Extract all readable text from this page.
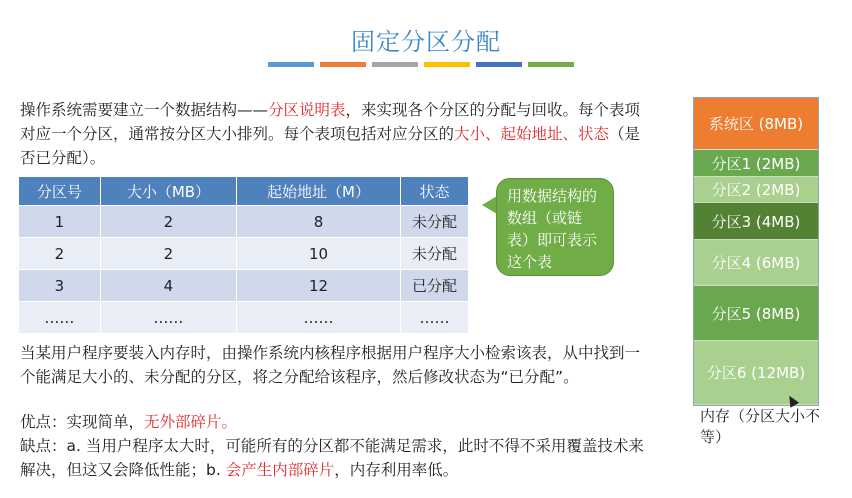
固定分区分配
操作系统需要建立一个数据结构——分区说明表，来实现各个分区的分配与回收。每个表项对应一个分区，通常按分区大小排列。每个表项包括对应分区的大小、起始地址、状态（是否已分配）。
分区号	大小（MB）	起始地址（M）	状态
1	2	8	未分配
2	2	10	未分配
3	4	12	已分配
……	……	……	……
用数据结构的数组（或链表）即可表示这个表
当某用户程序要装入内存时，由操作系统内核程序根据用户程序大小检索该表，从中找到一个能满足大小的、未分配的分区，将之分配给该程序，然后修改状态为“已分配”。
优点：实现简单，无外部碎片。
缺点：a. 当用户程序太大时，可能所有的分区都不能满足需求，此时不得不采用覆盖技术来解决，但这又会降低性能；b. 会产生内部碎片，内存利用率低。
系统区 (8MB)
分区1 (2MB)
分区2 (2MB)
分区3 (4MB)
分区4 (6MB)
分区5 (8MB)
分区6 (12MB)
内存（分区大小不等）
